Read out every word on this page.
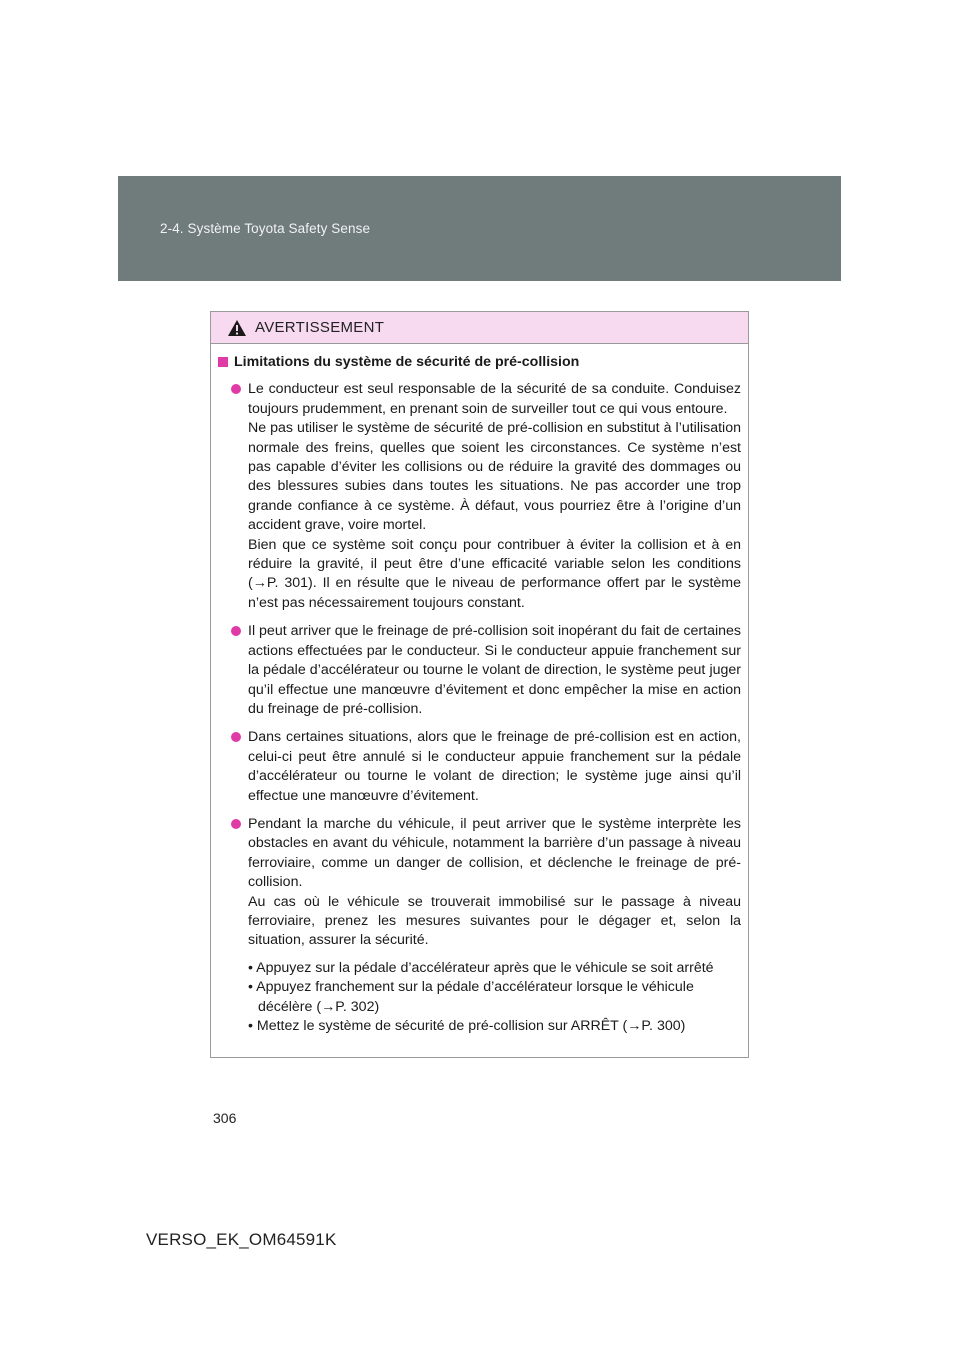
2-4. Système Toyota Safety Sense
AVERTISSEMENT
Limitations du système de sécurité de pré-collision

Le conducteur est seul responsable de la sécurité de sa conduite. Conduisez toujours prudemment, en prenant soin de surveiller tout ce qui vous entoure.

Ne pas utiliser le système de sécurité de pré-collision en substitut à l’utilisation normale des freins, quelles que soient les circonstances. Ce système n’est pas capable d’éviter les collisions ou de réduire la gravité des dommages ou des blessures subies dans toutes les situations. Ne pas accorder une trop grande confiance à ce système. À défaut, vous pourriez être à l’origine d’un accident grave, voire mortel.

Bien que ce système soit conçu pour contribuer à éviter la collision et à en réduire la gravité, il peut être d’une efficacité variable selon les conditions (→P. 301). Il en résulte que le niveau de performance offert par le système n’est pas nécessairement toujours constant.

Il peut arriver que le freinage de pré-collision soit inopérant du fait de certaines actions effectuées par le conducteur. Si le conducteur appuie franchement sur la pédale d’accélérateur ou tourne le volant de direction, le système peut juger qu’il effectue une manœuvre d’évitement et donc empêcher la mise en action du freinage de pré-collision.

Dans certaines situations, alors que le freinage de pré-collision est en action, celui-ci peut être annulé si le conducteur appuie franchement sur la pédale d’accélérateur ou tourne le volant de direction; le système juge ainsi qu’il effectue une manœuvre d’évitement.

Pendant la marche du véhicule, il peut arriver que le système interprète les obstacles en avant du véhicule, notamment la barrière d’un passage à niveau ferroviaire, comme un danger de collision, et déclenche le freinage de pré-collision.

Au cas où le véhicule se trouverait immobilisé sur le passage à niveau ferroviaire, prenez les mesures suivantes pour le dégager et, selon la situation, assurer la sécurité.

• Appuyez sur la pédale d’accélérateur après que le véhicule se soit arrêté
• Appuyez franchement sur la pédale d’accélérateur lorsque le véhicule décélère (→P. 302)
• Mettez le système de sécurité de pré-collision sur ARRÊT (→P. 300)
306
VERSO_EK_OM64591K
